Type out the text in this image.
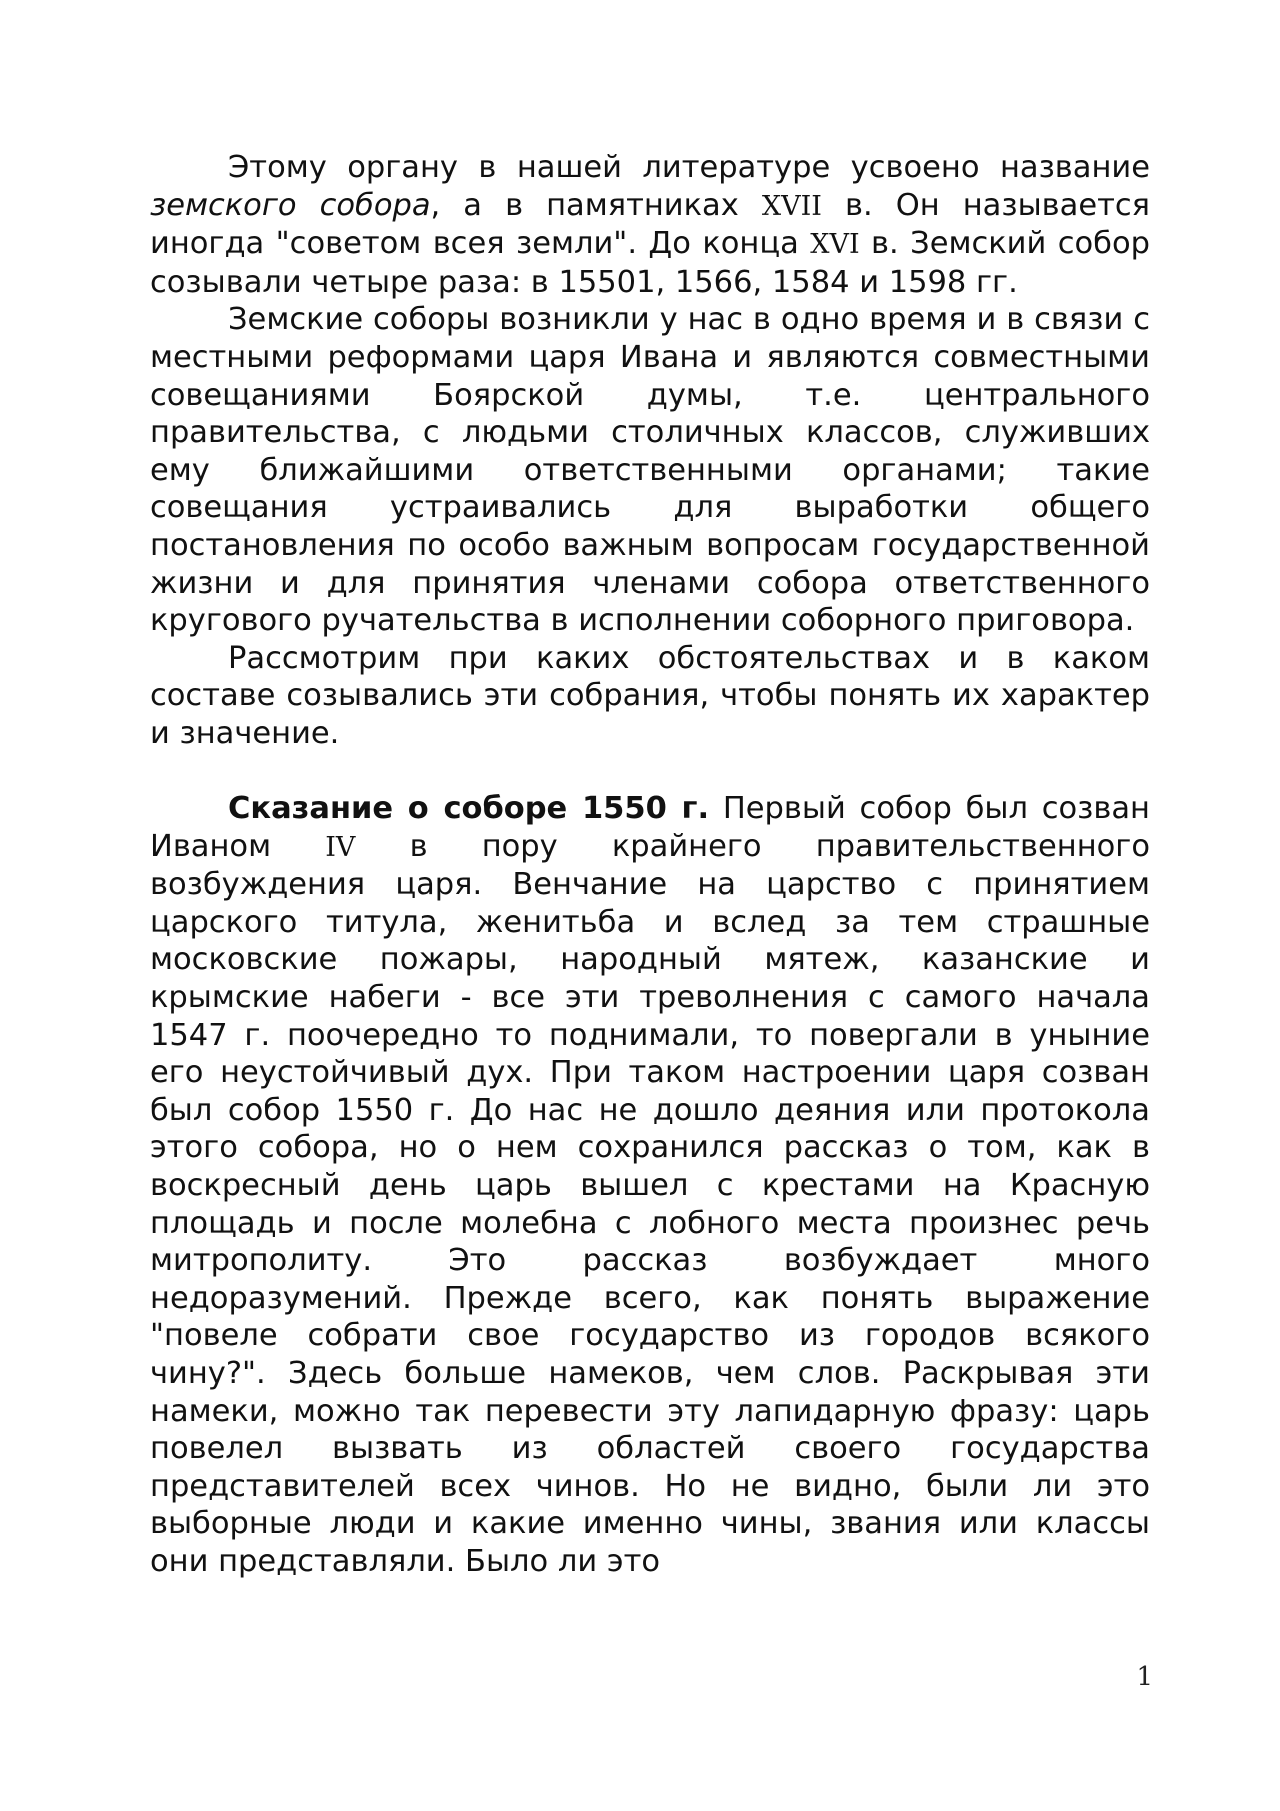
Этому органу в нашей литературе усвоено название земского собора, а в памятниках XVII в. Он называется иногда "советом всея земли". До конца XVI в. Земский собор созывали четыре раза: в 15501, 1566, 1584 и 1598 гг.

Земские соборы возникли у нас в одно время и в связи с местными реформами царя Ивана и являются совместными совещаниями Боярской думы, т.е. центрального правительства, с людьми столичных классов, служивших ему ближайшими ответственными органами; такие совещания устраивались для выработки общего постановления по особо важным вопросам государственной жизни и для принятия членами собора ответственного кругового ручательства в исполнении соборного приговора.

Рассмотрим при каких обстоятельствах и в каком составе созывались эти собрания, чтобы понять их характер и значение.

Сказание о соборе 1550 г. Первый собор был созван Иваном IV в пору крайнего правительственного возбуждения царя. Венчание на царство с принятием царского титула, женитьба и вслед за тем страшные московские пожары, народный мятеж, казанские и крымские набеги - все эти треволнения с самого начала 1547 г. поочередно то поднимали, то повергали в уныние его неустойчивый дух. При таком настроении царя созван был собор 1550 г. До нас не дошло деяния или протокола этого собора, но о нем сохранился рассказ о том, как в воскресный день царь вышел с крестами на Красную площадь и после молебна с лобного места произнес речь митрополиту. Это рассказ возбуждает много недоразумений. Прежде всего, как понять выражение "повеле собрати свое государство из городов всякого чину?". Здесь больше намеков, чем слов. Раскрывая эти намеки, можно так перевести эту лапидарную фразу: царь повелел вызвать из областей своего государства представителей всех чинов. Но не видно, были ли это выборные люди и какие именно чины, звания или классы они представляли. Было ли это

1
